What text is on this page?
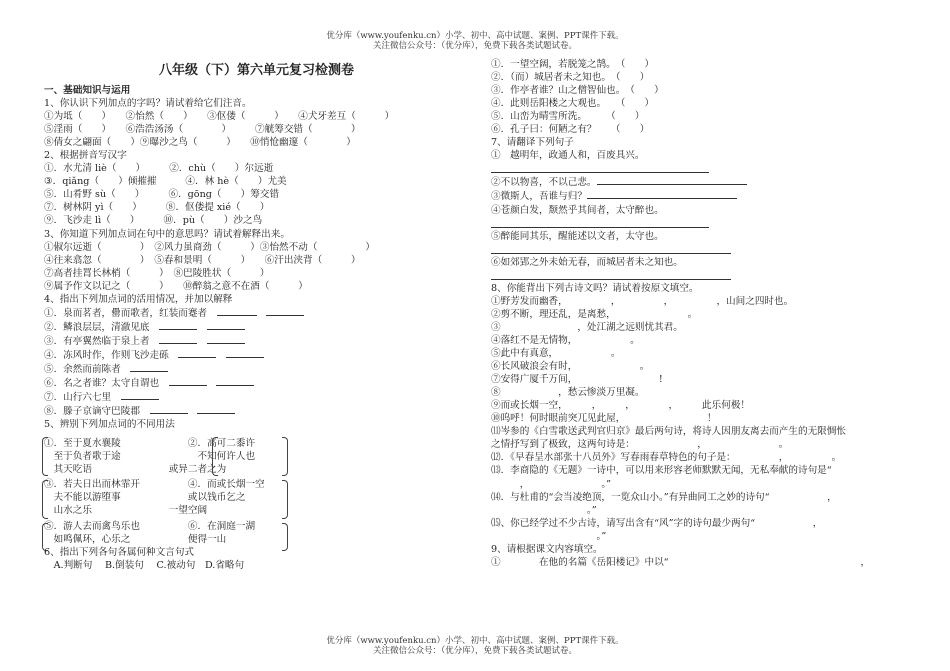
优分库（www.youfenku.cn）小学、初中、高中试题、案例、PPT课件下载。
关注微信公众号：（优分库），免费下载各类试题试卷。
八年级（下）第六单元复习检测卷
一、基础知识与运用
1、你认识下列加点的字吗？请试着给它们注音。
①为坻（　　）　　②怡然（　　）　　③伛偻（　　　）　　④犬牙差互（　　　）
⑤淫雨（　　）　　⑥浩浩汤汤（　　　　）　　　⑦觥筹交错（　　　　）
⑧倩女之翩面（　　）⑨曝沙之鸟（　　　）　　⑩悄怆幽邃（　　　　）
2、根据拼音写汉字
①．水尤清 liè（　　）　　　②．chù（　　）尔远逝
③．qiǎng（　　）倾摧摧　　　④．林 hè（　　）尤美
⑤．山肴野 sù（　　）　　　⑥．gōng（　　）筹交错
⑦．树林阴 yì（　　）　　　⑧．伛偻提 xié（　　）
⑨．飞沙走 lì（　　）　　　⑩．pù（　　）沙之鸟
3、你知道下列加点词在句中的意思吗？请试着解释出来。
①俶尔远逝（　　　　）　②风力虽商劲（　　　）③怡然不动（　　　　　）
④往来翕忽（　　　　）　⑤春和景明（　　　）　　⑥汗出浃背（　　　）
⑦高者挂罥长林梢（　　　）　⑧巴陵胜状（　　　）
⑨属予作文以记之（　　　）　　⑩醉翁之意不在酒（　　　）
4、指出下列加点词的活用情况，并加以解释
①．泉而茗者，罍而歌者，红装而蹇者　　
②．鳞浪层层，清澈见底　　
③．有亭翼然临于泉上者　　
④．冻风时作，作则飞沙走砾　　
⑤．余然而前陈者　
⑥．名之者谁？太守自谓也　　
⑦．山行六七里　
⑧．滕子京谪守巴陵郡　　
5、辨别下列加点词的不同用法
①．至于夏水襄陵　　　　　　　②．高可二黍许
　至于负者歌于途　　　　　　　　不知何许人也
　其天吃语　　　　　　　　或异二者之为
③．若夫日出而林霏开　　　　　④．而或长烟一空
　夫不能以游堕事　　　　　　　或以钱币乞之
　山水之乐　　　　　　　　一望空阔
⑤．游人去而禽鸟乐也　　　　　⑥．在洞庭一湖
　如鸣佩环，心乐之　　　　　　便得一山
6、指出下列各句各属何种文言句式
　A.判断句　 B.倒装句　 C.被动句　D.省略句
①．一望空阔，若脱笼之鹄。　（　　）
②．（而）城居者未之知也。　（　　）
③．作亭者谁？山之僧智仙也。　（　　）
④．此则岳阳楼之大观也。　　（　　）
⑤．山峦为晴雪所洗。　　　（　　）
⑥．孔子曰：何陋之有？　　（　　）
7、请翻译下列句子
①　越明年，政通人和，百废具兴。
②不以物喜，不以己悲。
③微斯人，吾谁与归？
④苍颜白发，颓然乎其间者，太守醉也。
⑤醉能同其乐，醒能述以文者，太守也。
⑥如郊郢之外未始无春，而城居者未之知也。
8、你能背出下列古诗文吗？请试着按原文填空。
①野芳发而幽香，　　　　　，　　　　　，　　　　　，山间之四时也。
②剪不断，理还乱，是离愁，　　　　　　　　。
③　　　　　　　　，处江湖之远则忧其君。
④落红不是无情物，　　　　　　。
⑤此中有真意，　　　　　　。
⑥长风破浪会有时，　　　　　　　。
⑦安得广厦千万间，　　　　　　　　　!
⑧　　　　　　，愁云惨淡万里凝。
⑨而或长烟一空，　　　，　　　，　　　　，　　　此乐何极！
⑩呜呼！何时眼前突兀见此屋，　　　　　　　　　！
⑾岑参的《白雪歌送武判官归京》最后两句诗，将诗人因朋友离去而产生的无限惆怅
之情抒写到了极致，这两句诗是：　　　　　　　，　　　　　　　　。
⑿．《早春呈水部张十八员外》写春雨春草特色的句子是：　　　　　，　　　　　。
⒀．李商隐的《无题》一诗中，可以用来形容老师默默无闻，无私奉献的诗句是“
　　　，　　　　　　　　。”
⒁．与杜甫的“会当凌绝顶，一览众山小。”有异曲同工之妙的诗句“　　　　　　，
　　　　　　　　　　。”
⒂、你已经学过不少古诗，请写出含有“风”字的诗句最少两句“　　　　　　，
　　　　　　　　　　　。”
9、请根据课文内容填空。
①　　　　在他的名篇《岳阳楼记》中以“　　　　　　　　　　　　　　　　　　　　，
优分库（www.youfenku.cn）小学、初中、高中试题、案例、PPT课件下载。
关注微信公众号：（优分库），免费下载各类试题试卷。
